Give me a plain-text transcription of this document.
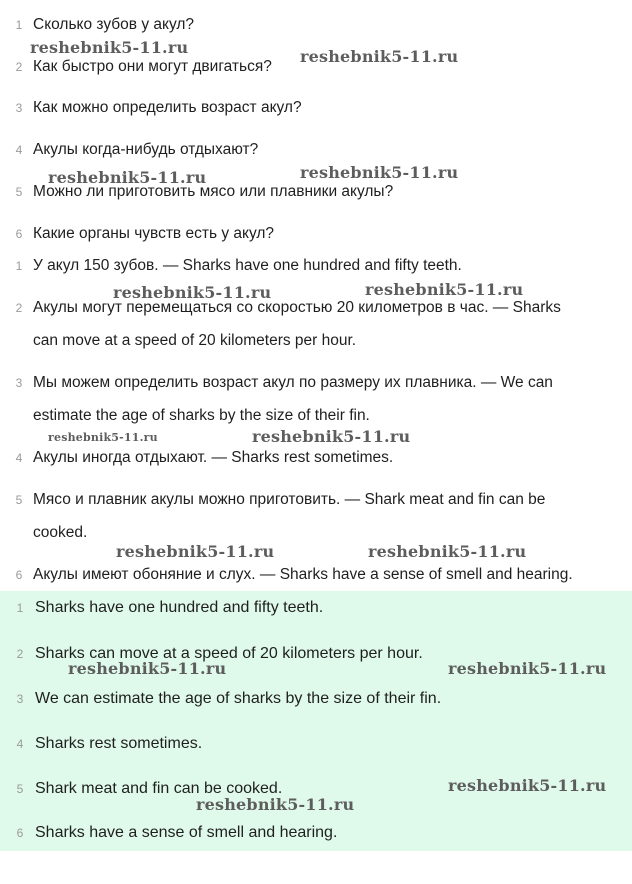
1 Сколько зубов у акул?
2 Как быстро они могут двигаться?
3 Как можно определить возраст акул?
4 Акулы когда-нибудь отдыхают?
5 Можно ли приготовить мясо или плавники акулы?
6 Какие органы чувств есть у акул?
1 У акул 150 зубов. — Sharks have one hundred and fifty teeth.
2 Акулы могут перемещаться со скоростью 20 километров в час. — Sharks
can move at a speed of 20 kilometers per hour.
3 Мы можем определить возраст акул по размеру их плавника. — We can
estimate the age of sharks by the size of their fin.
4 Акулы иногда отдыхают. — Sharks rest sometimes.
5 Мясо и плавник акулы можно приготовить. — Shark meat and fin can be
cooked.
6 Акулы имеют обоняние и слух. — Sharks have a sense of smell and hearing.
1 Sharks have one hundred and fifty teeth.
2 Sharks can move at a speed of 20 kilometers per hour.
3 We can estimate the age of sharks by the size of their fin.
4 Sharks rest sometimes.
5 Shark meat and fin can be cooked.
6 Sharks have a sense of smell and hearing.
reshebnik5-11.ru	reshebnik5-11.ru
reshebnik5-11.ru	reshebnik5-11.ru
reshebnik5-11.ru	reshebnik5-11.ru
reshebnik5-11.ru	reshebnik5-11.ru
reshebnik5-11.ru	reshebnik5-11.ru
reshebnik5-11.ru	reshebnik5-11.ru
reshebnik5-11.ru
reshebnik5-11.ru
